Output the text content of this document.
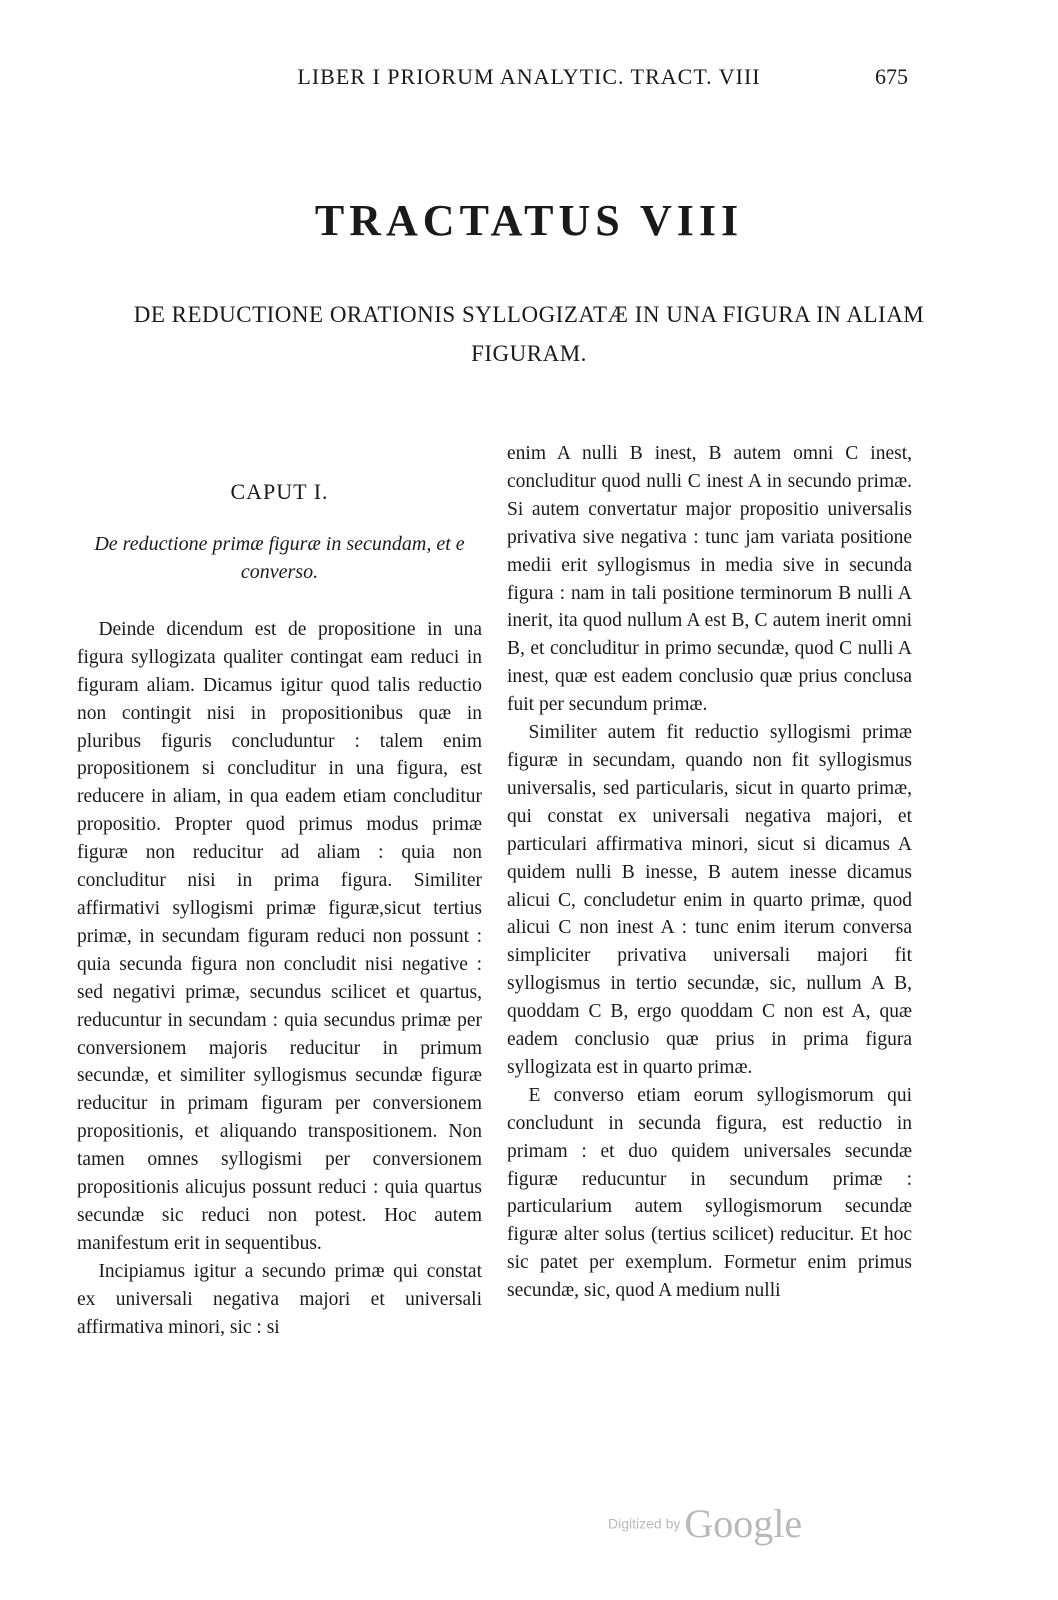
LIBER I PRIORUM ANALYTIC. TRACT. VIII	675
TRACTATUS VIII
DE REDUCTIONE ORATIONIS SYLLOGIZATÆ IN UNA FIGURA IN ALIAM FIGURAM.
CAPUT I.
De reductione primæ figuræ in secundam, et e converso.

Deinde dicendum est de propositione in una figura syllogizata qualiter contingat eam reduci in figuram aliam. Dicamus igitur quod talis reductio non contingit nisi in propositionibus quæ in pluribus figuris concluduntur : talem enim propositionem si concluditur in una figura, est reducere in aliam, in qua eadem etiam concluditur propositio. Propter quod primus modus primæ figuræ non reducitur ad aliam : quia non concluditur nisi in prima figura. Similiter affirmativi syllogismi primæ figuræ,sicut tertius primæ, in secundam figuram reduci non possunt : quia secunda figura non concludit nisi negative : sed negativi primæ, secundus scilicet et quartus, reducuntur in secundam : quia secundus primæ per conversionem majoris reducitur in primum secundæ, et similiter syllogismus secundæ figuræ reducitur in primam figuram per conversionem propositionis, et aliquando transpositionem. Non tamen omnes syllogismi per conversionem propositionis alicujus possunt reduci : quia quartus secundæ sic reduci non potest. Hoc autem manifestum erit in sequentibus.

Incipiamus igitur a secundo primæ qui constat ex universali negativa majori et universali affirmativa minori, sic : si

enim A nulli B inest, B autem omni C inest, concluditur quod nulli C inest A in secundo primæ. Si autem convertatur major propositio universalis privativa sive negativa : tunc jam variata positione medii erit syllogismus in media sive in secunda figura : nam in tali positione terminorum B nulli A inerit, ita quod nullum A est B, C autem inerit omni B, et concluditur in primo secundæ, quod C nulli A inest, quæ est eadem conclusio quæ prius conclusa fuit per secundum primæ.

Similiter autem fit reductio syllogismi primæ figuræ in secundam, quando non fit syllogismus universalis, sed particularis, sicut in quarto primæ, qui constat ex universali negativa majori, et particulari affirmativa minori, sicut si dicamus A quidem nulli B inesse, B autem inesse dicamus alicui C, concludetur enim in quarto primæ, quod alicui C non inest A : tunc enim iterum conversa simpliciter privativa universali majori fit syllogismus in tertio secundæ, sic, nullum A B, quoddam C B, ergo quoddam C non est A, quæ eadem conclusio quæ prius in prima figura syllogizata est in quarto primæ.

E converso etiam eorum syllogismorum qui concludunt in secunda figura, est reductio in primam : et duo quidem universales secundæ figuræ reducuntur in secundum primæ : particularium autem syllogismorum secundæ figuræ alter solus (tertius scilicet) reducitur. Et hoc sic patet per exemplum. Formetur enim primus secundæ, sic, quod A medium nulli

Digitized by Google
